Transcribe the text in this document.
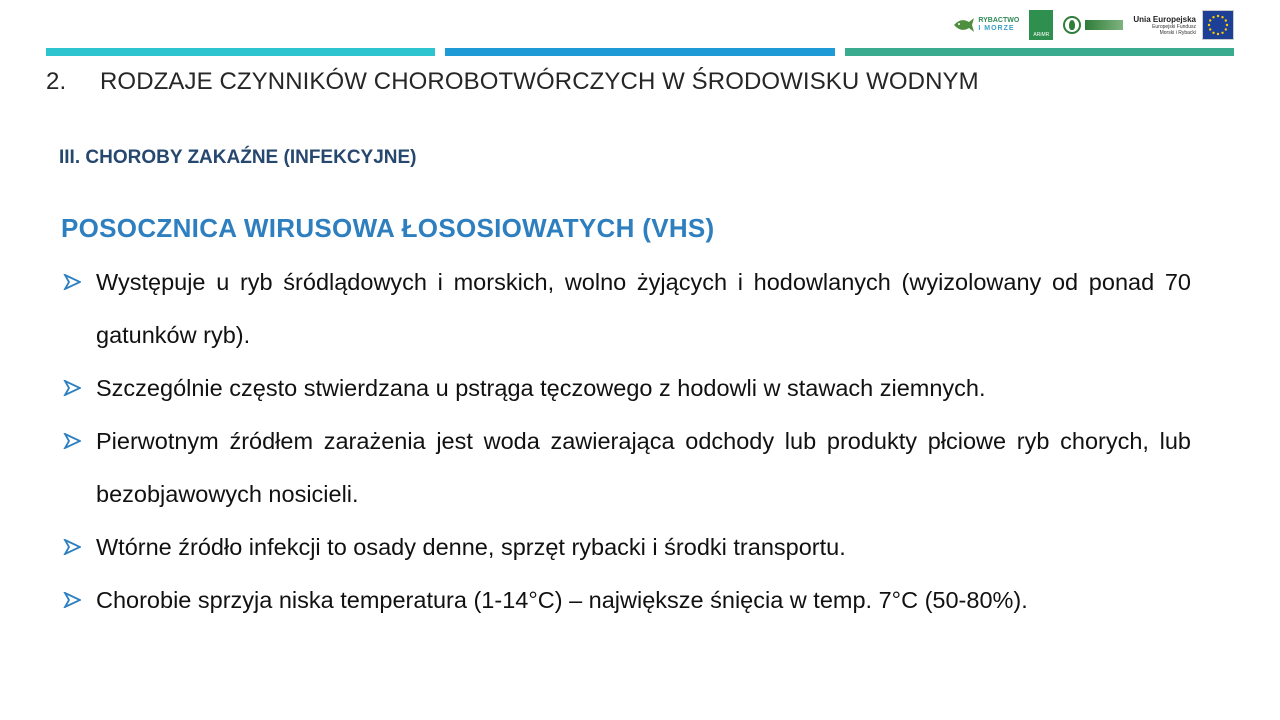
RYBACTWO
I MORZE
ARiMR
Unia Europejska
Europejski Fundusz
Morski i Rybacki
2. RODZAJE CZYNNIKÓW CHOROBOTWÓRCZYCH W ŚRODOWISKU WODNYM
III. CHOROBY ZAKAŹNE (INFEKCYJNE)
POSOCZNICA WIRUSOWA ŁOSOSIOWATYCH (VHS)
Występuje u ryb śródlądowych i morskich, wolno żyjących i hodowlanych (wyizolowany od ponad 70 gatunków ryb).
Szczególnie często stwierdzana u pstrąga tęczowego z hodowli w stawach ziemnych.
Pierwotnym źródłem zarażenia jest woda zawierająca odchody lub produkty płciowe ryb chorych, lub bezobjawowych nosicieli.
Wtórne źródło infekcji to osady denne, sprzęt rybacki i środki transportu.
Chorobie sprzyja niska temperatura (1-14°C) – największe śnięcia w temp. 7°C (50-80%).
